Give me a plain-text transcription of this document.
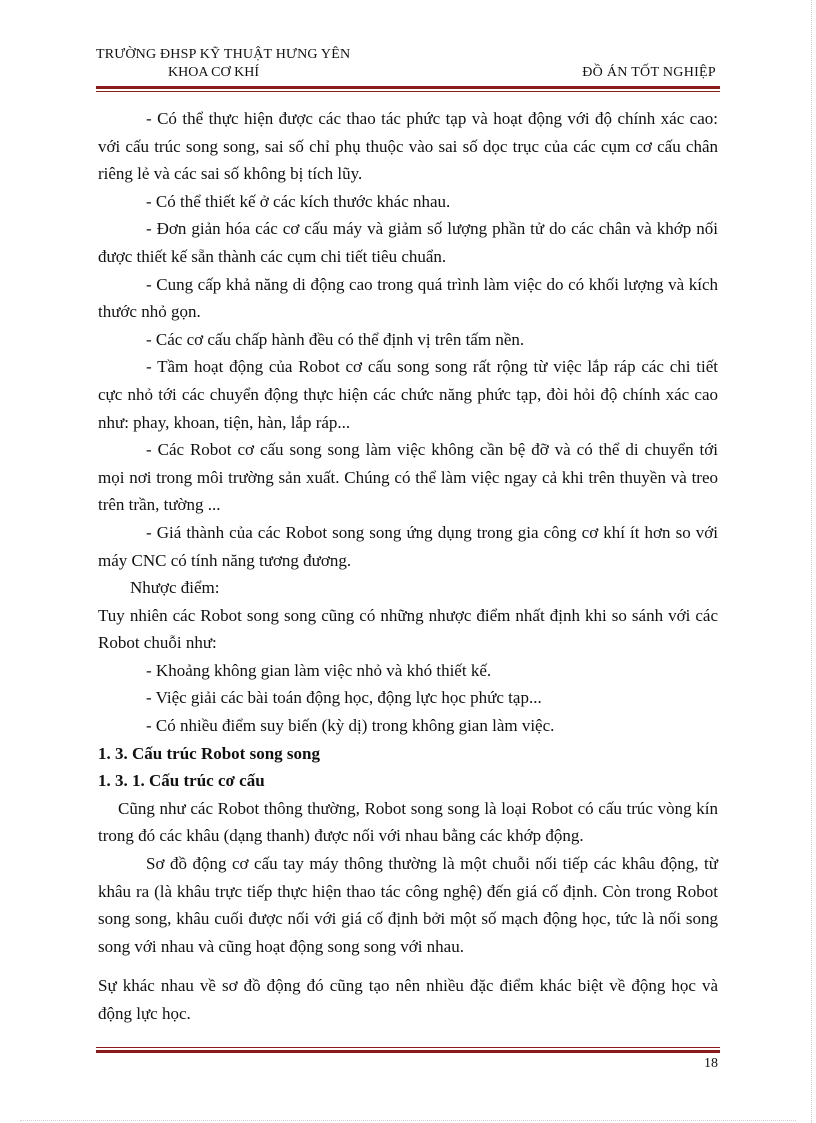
TRƯỜNG ĐHSP KỸ THUẬT HƯNG YÊN
KHOA CƠ KHÍ	ĐỒ ÁN TỐT NGHIỆP

- Có thể thực hiện được các thao tác phức tạp và hoạt động với độ chính xác cao: với cấu trúc song song, sai số chỉ phụ thuộc vào sai số dọc trục của các cụm cơ cấu chân riêng lẻ và các sai số không bị tích lũy.

- Có thể thiết kế ở các kích thước khác nhau.

- Đơn giản hóa các cơ cấu máy và giảm số lượng phần tử do các chân và khớp nối được thiết kế sẵn thành các cụm chi tiết tiêu chuẩn.

- Cung cấp khả năng di động cao trong quá trình làm việc do có khối lượng và kích thước nhỏ gọn.

- Các cơ cấu chấp hành đều có thể định vị trên tấm nền.

- Tầm hoạt động của Robot cơ cấu song song rất rộng từ việc lắp ráp các chi tiết cực nhỏ tới các chuyển động thực hiện các chức năng phức tạp, đòi hỏi độ chính xác cao như: phay, khoan, tiện, hàn, lắp ráp...

- Các Robot cơ cấu song song làm việc không cần bệ đỡ và có thể di chuyển tới mọi nơi trong môi trường sản xuất. Chúng có thể làm việc ngay cả khi trên thuyền và treo trên trần, tường ...

- Giá thành của các Robot song song ứng dụng trong gia công cơ khí ít hơn so với máy CNC có tính năng tương đương.

Nhược điểm:

Tuy nhiên các Robot song song cũng có những nhược điểm nhất định khi so sánh với các Robot chuỗi như:

- Khoảng không gian làm việc nhỏ và khó thiết kế.

- Việc giải các bài toán động học, động lực học phức tạp...

- Có nhiều điểm suy biến (kỳ dị) trong không gian làm việc.

1. 3. Cấu trúc Robot song song

1. 3. 1. Cấu trúc cơ cấu

Cũng như các Robot thông thường, Robot song song là loại Robot có cấu trúc vòng kín trong đó các khâu (dạng thanh) được nối với nhau bằng các khớp động.

Sơ đồ động cơ cấu tay máy thông thường là một chuỗi nối tiếp các khâu động, từ khâu ra (là khâu trực tiếp thực hiện thao tác công nghệ) đến giá cố định. Còn trong Robot song song, khâu cuối được nối với giá cố định bởi một số mạch động học, tức là nối song song với nhau và cũng hoạt động song song với nhau.

Sự khác nhau về sơ đồ động đó cũng tạo nên nhiều đặc điểm khác biệt về động học và động lực học.

18
